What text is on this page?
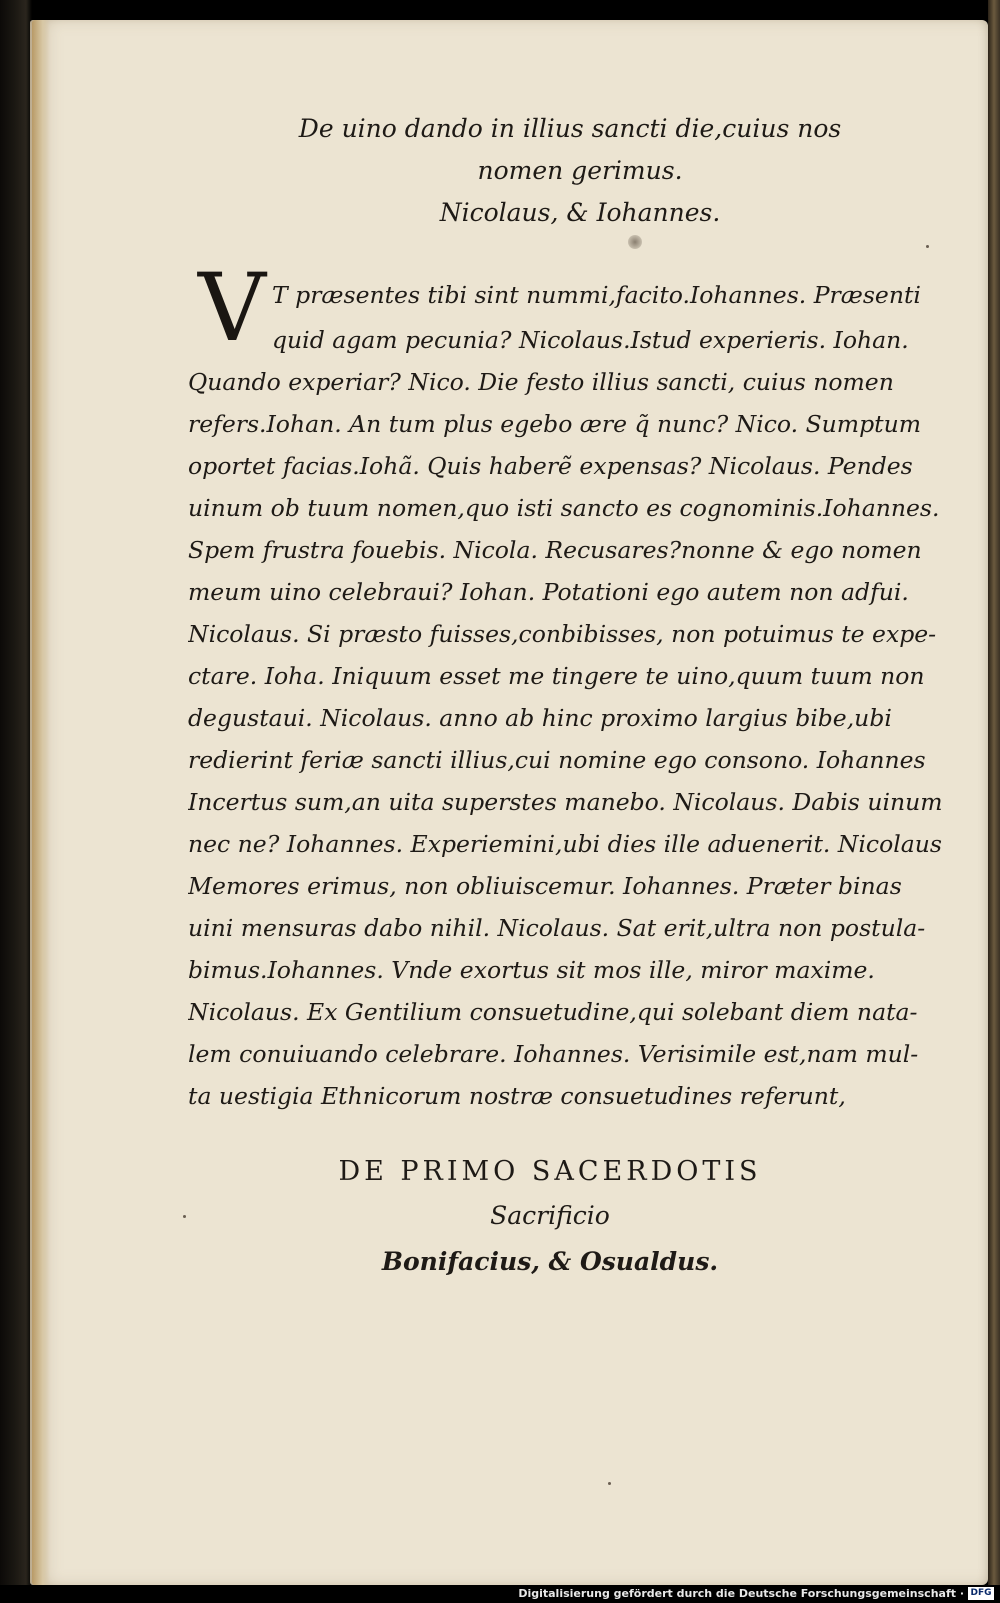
De uino dando in illius sancti die,cuius nos
nomen gerimus.
Nicolaus, & Iohannes.
V T præsentes tibi sint nummi,facito.Iohannes. Præsenti
quid agam pecunia? Nicolaus.Istud experieris. Iohan.
Quando experiar? Nico. Die festo illius sancti, cuius nomen
refers.Iohan. An tum plus egebo ære q̃ nunc? Nico. Sumptum
oportet facias.Iohã. Quis haberẽ expensas? Nicolaus. Pendes
uinum ob tuum nomen,quo isti sancto es cognominis.Iohannes.
Spem frustra fouebis. Nicola. Recusares?nonne & ego nomen
meum uino celebraui? Iohan. Potationi ego autem non adfui.
Nicolaus. Si præsto fuisses,conbibisses, non potuimus te expe-
ctare. Ioha. Iniquum esset me tingere te uino,quum tuum non
degustaui. Nicolaus. anno ab hinc proximo largius bibe,ubi
redierint feriæ sancti illius,cui nomine ego consono. Iohannes
Incertus sum,an uita superstes manebo. Nicolaus. Dabis uinum
nec ne? Iohannes. Experiemini,ubi dies ille aduenerit. Nicolaus
Memores erimus, non obliuiscemur. Iohannes. Præter binas
uini mensuras dabo nihil. Nicolaus. Sat erit,ultra non postula-
bimus.Iohannes. Vnde exortus sit mos ille, miror maxime.
Nicolaus. Ex Gentilium consuetudine,qui solebant diem nata-
lem conuiuando celebrare. Iohannes. Verisimile est,nam mul-
ta uestigia Ethnicorum nostræ consuetudines referunt,
DE PRIMO SACERDOTIS
Sacrificio
Bonifacius, & Osualdus.
Digitalisierung gefördert durch die Deutsche Forschungsgemeinschaft · DFG
